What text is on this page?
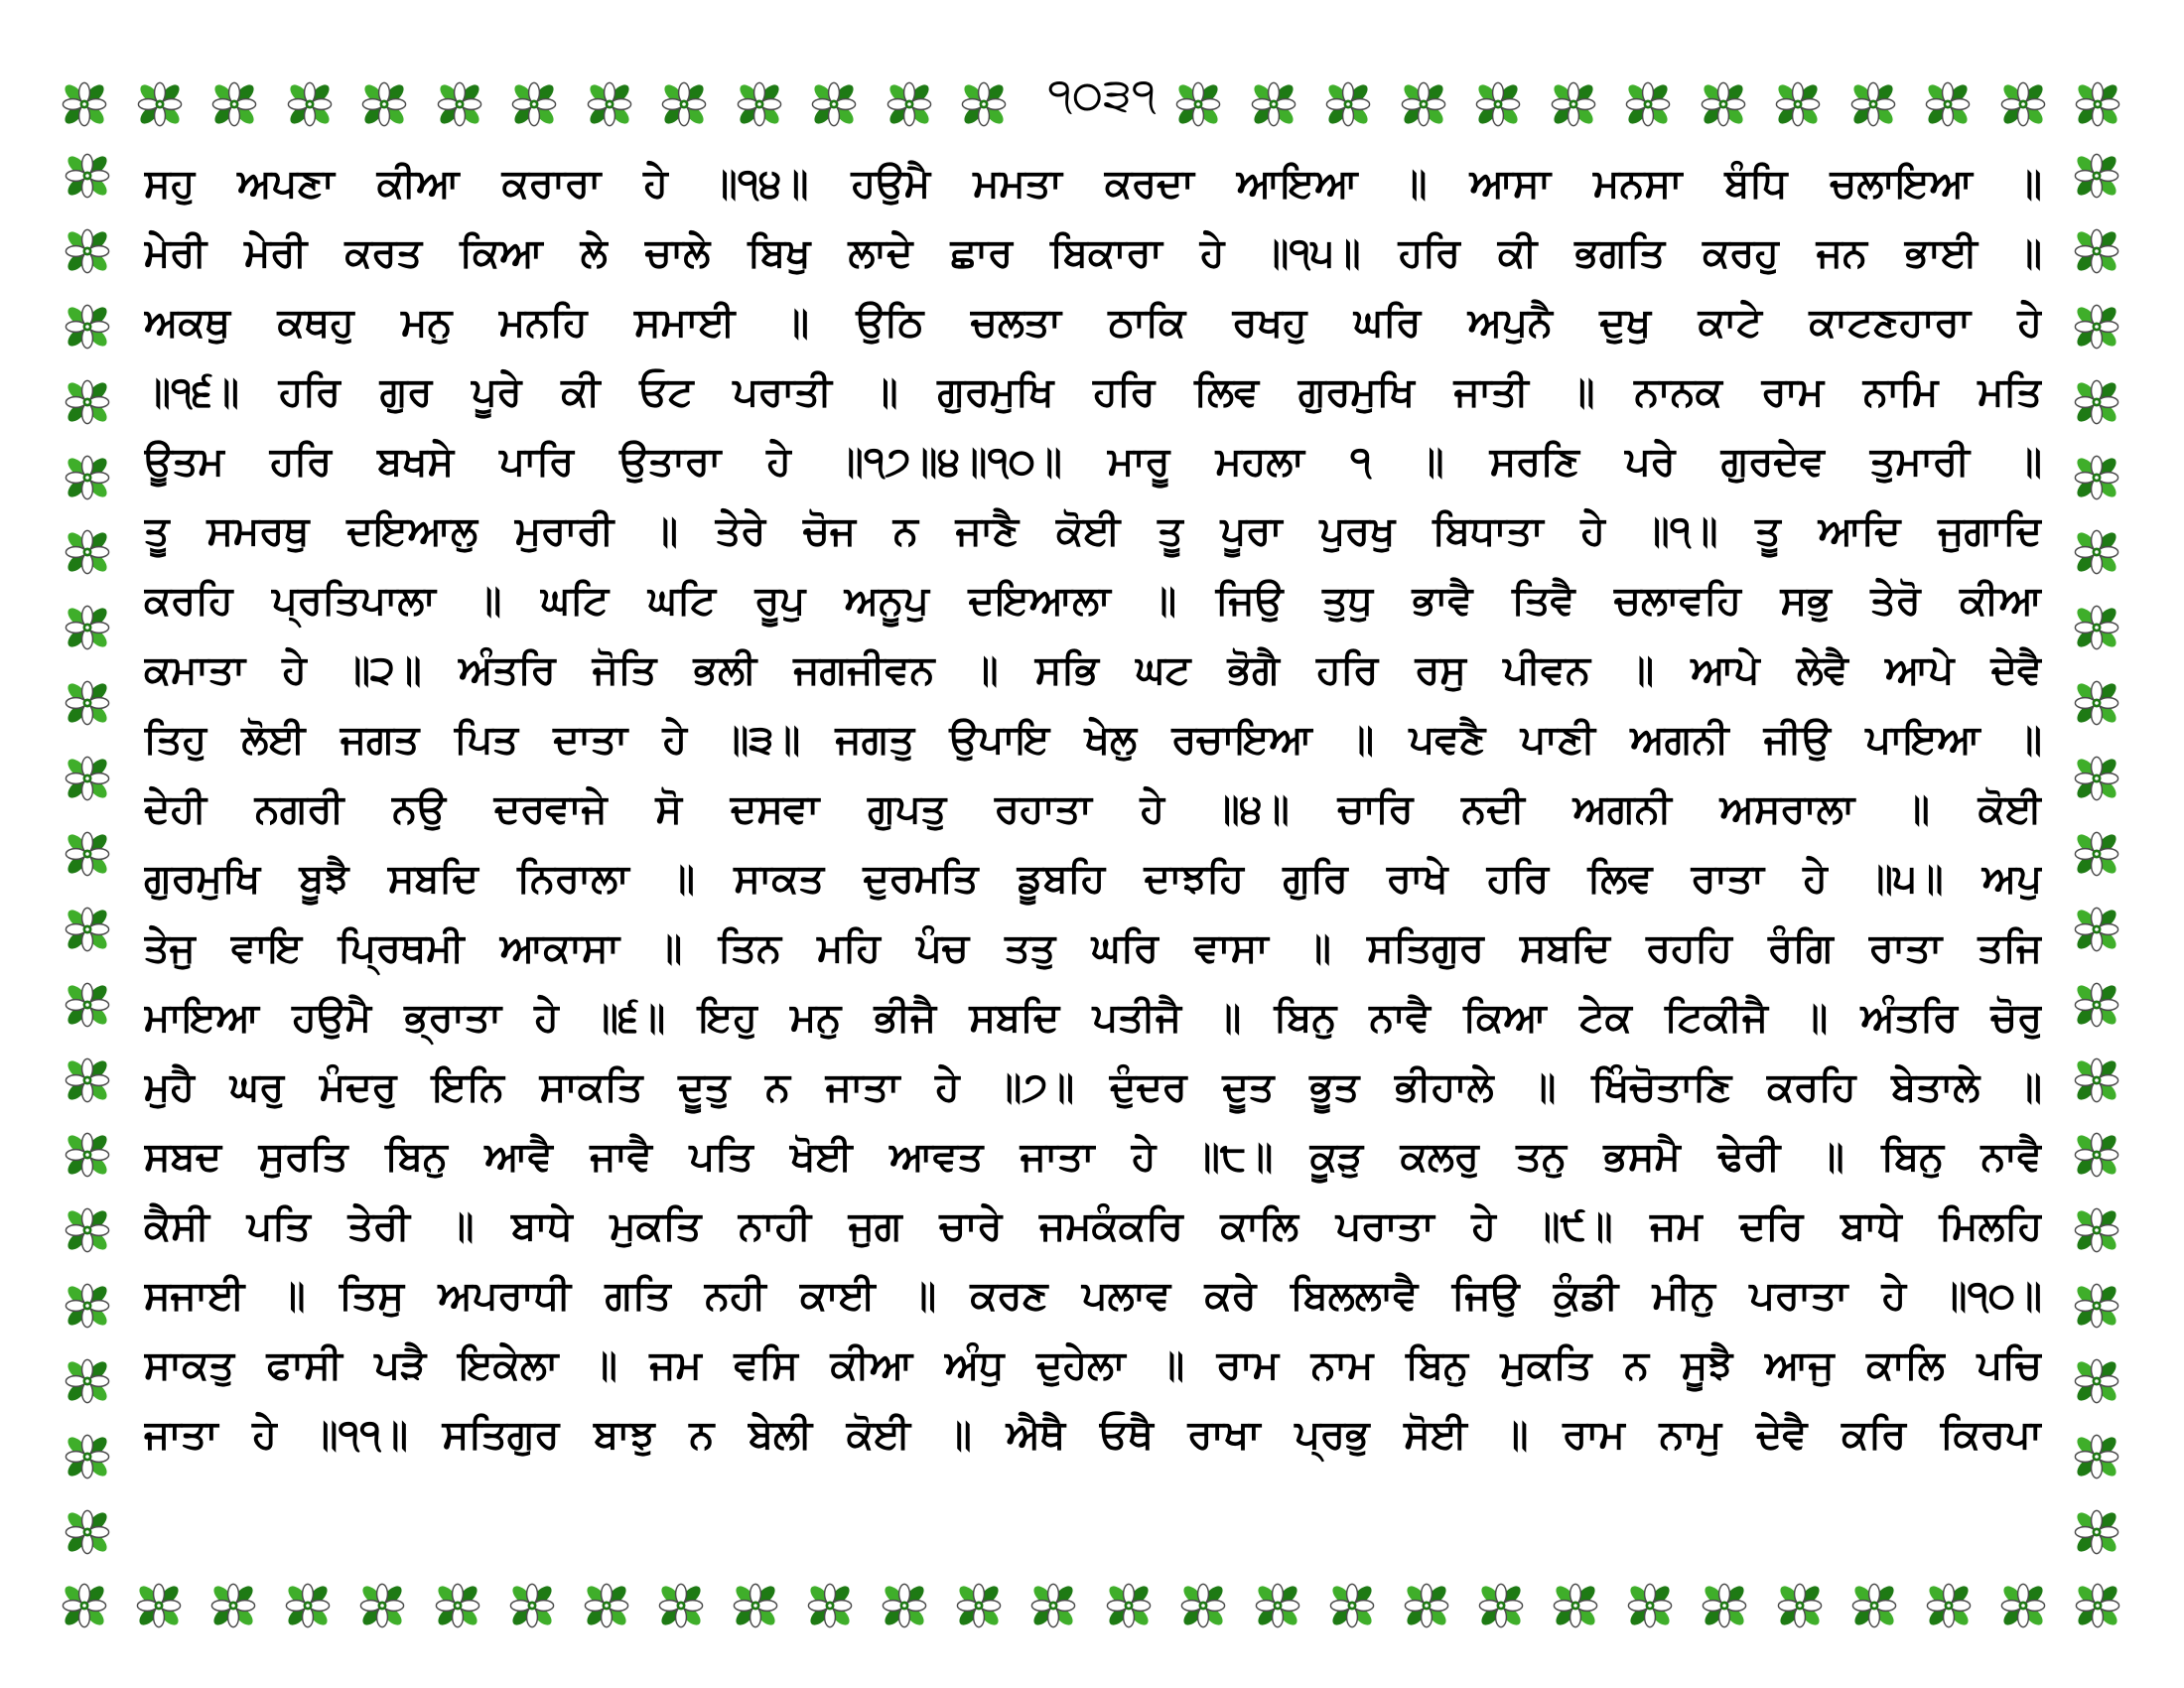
੧੦੩੧
ਸਹੁ ਅਪਣਾ ਕੀਆ ਕਰਾਰਾ ਹੇ ॥੧੪॥ ਹਉਮੈ ਮਮਤਾ ਕਰਦਾ ਆਇਆ ॥ ਆਸਾ ਮਨਸਾ ਬੰਧਿ ਚਲਾਇਆ ॥
ਮੇਰੀ ਮੇਰੀ ਕਰਤ ਕਿਆ ਲੇ ਚਾਲੇ ਬਿਖੁ ਲਾਦੇ ਛਾਰ ਬਿਕਾਰਾ ਹੇ ॥੧੫॥ ਹਰਿ ਕੀ ਭਗਤਿ ਕਰਹੁ ਜਨ ਭਾਈ ॥
ਅਕਥੁ ਕਥਹੁ ਮਨੁ ਮਨਹਿ ਸਮਾਈ ॥ ਉਠਿ ਚਲਤਾ ਠਾਕਿ ਰਖਹੁ ਘਰਿ ਅਪੁਨੈ ਦੁਖੁ ਕਾਟੇ ਕਾਟਣਹਾਰਾ ਹੇ
॥੧੬॥ ਹਰਿ ਗੁਰ ਪੂਰੇ ਕੀ ਓਟ ਪਰਾਤੀ ॥ ਗੁਰਮੁਖਿ ਹਰਿ ਲਿਵ ਗੁਰਮੁਖਿ ਜਾਤੀ ॥ ਨਾਨਕ ਰਾਮ ਨਾਮਿ ਮਤਿ
ਊਤਮ ਹਰਿ ਬਖਸੇ ਪਾਰਿ ਉਤਾਰਾ ਹੇ ॥੧੭॥੪॥੧੦॥ ਮਾਰੂ ਮਹਲਾ ੧ ॥ ਸਰਣਿ ਪਰੇ ਗੁਰਦੇਵ ਤੁਮਾਰੀ ॥
ਤੂ ਸਮਰਥੁ ਦਇਆਲੁ ਮੁਰਾਰੀ ॥ ਤੇਰੇ ਚੋਜ ਨ ਜਾਣੈ ਕੋਈ ਤੂ ਪੂਰਾ ਪੁਰਖੁ ਬਿਧਾਤਾ ਹੇ ॥੧॥ ਤੂ ਆਦਿ ਜੁਗਾਦਿ
ਕਰਹਿ ਪ੍ਰਤਿਪਾਲਾ ॥ ਘਟਿ ਘਟਿ ਰੂਪੁ ਅਨੂਪੁ ਦਇਆਲਾ ॥ ਜਿਉ ਤੁਧੁ ਭਾਵੈ ਤਿਵੈ ਚਲਾਵਹਿ ਸਭੁ ਤੇਰੋ ਕੀਆ
ਕਮਾਤਾ ਹੇ ॥੨॥ ਅੰਤਰਿ ਜੋਤਿ ਭਲੀ ਜਗਜੀਵਨ ॥ ਸਭਿ ਘਟ ਭੋਗੈ ਹਰਿ ਰਸੁ ਪੀਵਨ ॥ ਆਪੇ ਲੇਵੈ ਆਪੇ ਦੇਵੈ
ਤਿਹੁ ਲੋਈ ਜਗਤ ਪਿਤ ਦਾਤਾ ਹੇ ॥੩॥ ਜਗਤੁ ਉਪਾਇ ਖੇਲੁ ਰਚਾਇਆ ॥ ਪਵਣੈ ਪਾਣੀ ਅਗਨੀ ਜੀਉ ਪਾਇਆ ॥
ਦੇਹੀ ਨਗਰੀ ਨਉ ਦਰਵਾਜੇ ਸੋ ਦਸਵਾ ਗੁਪਤੁ ਰਹਾਤਾ ਹੇ ॥੪॥ ਚਾਰਿ ਨਦੀ ਅਗਨੀ ਅਸਰਾਲਾ ॥ ਕੋਈ
ਗੁਰਮੁਖਿ ਬੂਝੈ ਸਬਦਿ ਨਿਰਾਲਾ ॥ ਸਾਕਤ ਦੁਰਮਤਿ ਡੂਬਹਿ ਦਾਝਹਿ ਗੁਰਿ ਰਾਖੇ ਹਰਿ ਲਿਵ ਰਾਤਾ ਹੇ ॥੫॥ ਅਪੁ
ਤੇਜੁ ਵਾਇ ਪ੍ਰਿਥਮੀ ਆਕਾਸਾ ॥ ਤਿਨ ਮਹਿ ਪੰਚ ਤਤੁ ਘਰਿ ਵਾਸਾ ॥ ਸਤਿਗੁਰ ਸਬਦਿ ਰਹਹਿ ਰੰਗਿ ਰਾਤਾ ਤਜਿ
ਮਾਇਆ ਹਉਮੈ ਭ੍ਰਾਤਾ ਹੇ ॥੬॥ ਇਹੁ ਮਨੁ ਭੀਜੈ ਸਬਦਿ ਪਤੀਜੈ ॥ ਬਿਨੁ ਨਾਵੈ ਕਿਆ ਟੇਕ ਟਿਕੀਜੈ ॥ ਅੰਤਰਿ ਚੋਰੁ
ਮੁਹੈ ਘਰੁ ਮੰਦਰੁ ਇਨਿ ਸਾਕਤਿ ਦੂਤੁ ਨ ਜਾਤਾ ਹੇ ॥੭॥ ਦੁੰਦਰ ਦੂਤ ਭੂਤ ਭੀਹਾਲੇ ॥ ਖਿੰਚੋਤਾਣਿ ਕਰਹਿ ਬੇਤਾਲੇ ॥
ਸਬਦ ਸੁਰਤਿ ਬਿਨੁ ਆਵੈ ਜਾਵੈ ਪਤਿ ਖੋਈ ਆਵਤ ਜਾਤਾ ਹੇ ॥੮॥ ਕੂੜੁ ਕਲਰੁ ਤਨੁ ਭਸਮੈ ਢੇਰੀ ॥ ਬਿਨੁ ਨਾਵੈ
ਕੈਸੀ ਪਤਿ ਤੇਰੀ ॥ ਬਾਧੇ ਮੁਕਤਿ ਨਾਹੀ ਜੁਗ ਚਾਰੇ ਜਮਕੰਕਰਿ ਕਾਲਿ ਪਰਾਤਾ ਹੇ ॥੯॥ ਜਮ ਦਰਿ ਬਾਧੇ ਮਿਲਹਿ
ਸਜਾਈ ॥ ਤਿਸੁ ਅਪਰਾਧੀ ਗਤਿ ਨਹੀ ਕਾਈ ॥ ਕਰਣ ਪਲਾਵ ਕਰੇ ਬਿਲਲਾਵੈ ਜਿਉ ਕੁੰਡੀ ਮੀਨੁ ਪਰਾਤਾ ਹੇ ॥੧੦॥
ਸਾਕਤੁ ਫਾਸੀ ਪੜੈ ਇਕੇਲਾ ॥ ਜਮ ਵਸਿ ਕੀਆ ਅੰਧੁ ਦੁਹੇਲਾ ॥ ਰਾਮ ਨਾਮ ਬਿਨੁ ਮੁਕਤਿ ਨ ਸੂਝੈ ਆਜੁ ਕਾਲਿ ਪਚਿ
ਜਾਤਾ ਹੇ ॥੧੧॥ ਸਤਿਗੁਰ ਬਾਝੁ ਨ ਬੇਲੀ ਕੋਈ ॥ ਐਥੈ ਓਥੈ ਰਾਖਾ ਪ੍ਰਭੁ ਸੋਈ ॥ ਰਾਮ ਨਾਮੁ ਦੇਵੈ ਕਰਿ ਕਿਰਪਾ
